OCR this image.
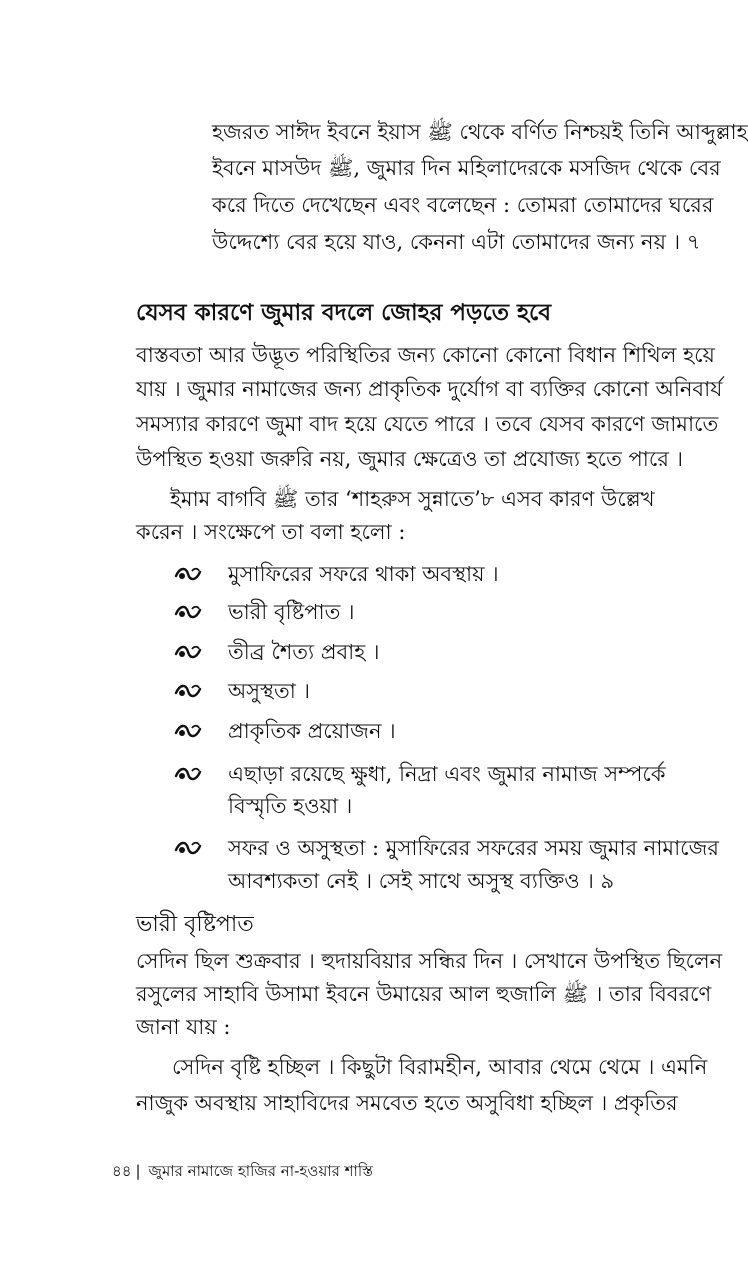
হজরত সাঈদ ইবনে ইয়াস ﷺ থেকে বর্ণিত নিশ্চয়ই তিনি আব্দুল্লাহ
ইবনে মাসউদ ﷺ, জুমার দিন মহিলাদেরকে মসজিদ থেকে বের
করে দিতে দেখেছেন এবং বলেছেন : তোমরা তোমাদের ঘরের
উদ্দেশ্যে বের হয়ে যাও, কেননা এটা তোমাদের জন্য নয় । ৭
যেসব কারণে জুমার বদলে জোহর পড়তে হবে
বাস্তবতা আর উদ্ভূত পরিস্থিতির জন্য কোনো কোনো বিধান শিথিল হয়ে
যায় । জুমার নামাজের জন্য প্রাকৃতিক দুর্যোগ বা ব্যক্তির কোনো অনিবার্য
সমস্যার কারণে জুমা বাদ হয়ে যেতে পারে । তবে যেসব কারণে জামাতে
উপস্থিত হওয়া জরুরি নয়, জুমার ক্ষেত্রেও তা প্রযোজ্য হতে পারে ।
ইমাম বাগবি ﷺ তার ‘শাহরুস সুন্নাতে’৮ এসব কারণ উল্লেখ
করেন । সংক্ষেপে তা বলা হলো :
মুসাফিরের সফরে থাকা অবস্থায় ।
ভারী বৃষ্টিপাত ।
তীব্র শৈত্য প্রবাহ ।
অসুস্থতা ।
প্রাকৃতিক প্রয়োজন ।
এছাড়া রয়েছে ক্ষুধা, নিদ্রা এবং জুমার নামাজ সম্পর্কে
বিস্মৃতি হওয়া ।
সফর ও অসুস্থতা : মুসাফিরের সফরের সময় জুমার নামাজের
আবশ্যকতা নেই । সেই সাথে অসুস্থ ব্যক্তিও । ৯
ভারী বৃষ্টিপাত
সেদিন ছিল শুক্রবার । হুদায়বিয়ার সন্ধির দিন । সেখানে উপস্থিত ছিলেন
রসুলের সাহাবি উসামা ইবনে উমায়ের আল হুজালি ﷺ । তার বিবরণে
জানা যায় :
সেদিন বৃষ্টি হচ্ছিল । কিছুটা বিরামহীন, আবার থেমে থেমে । এমনি
নাজুক অবস্থায় সাহাবিদের সমবেত হতে অসুবিধা হচ্ছিল । প্রকৃতির
৪৪ | জুমার নামাজে হাজির না-হওয়ার শাস্তি
